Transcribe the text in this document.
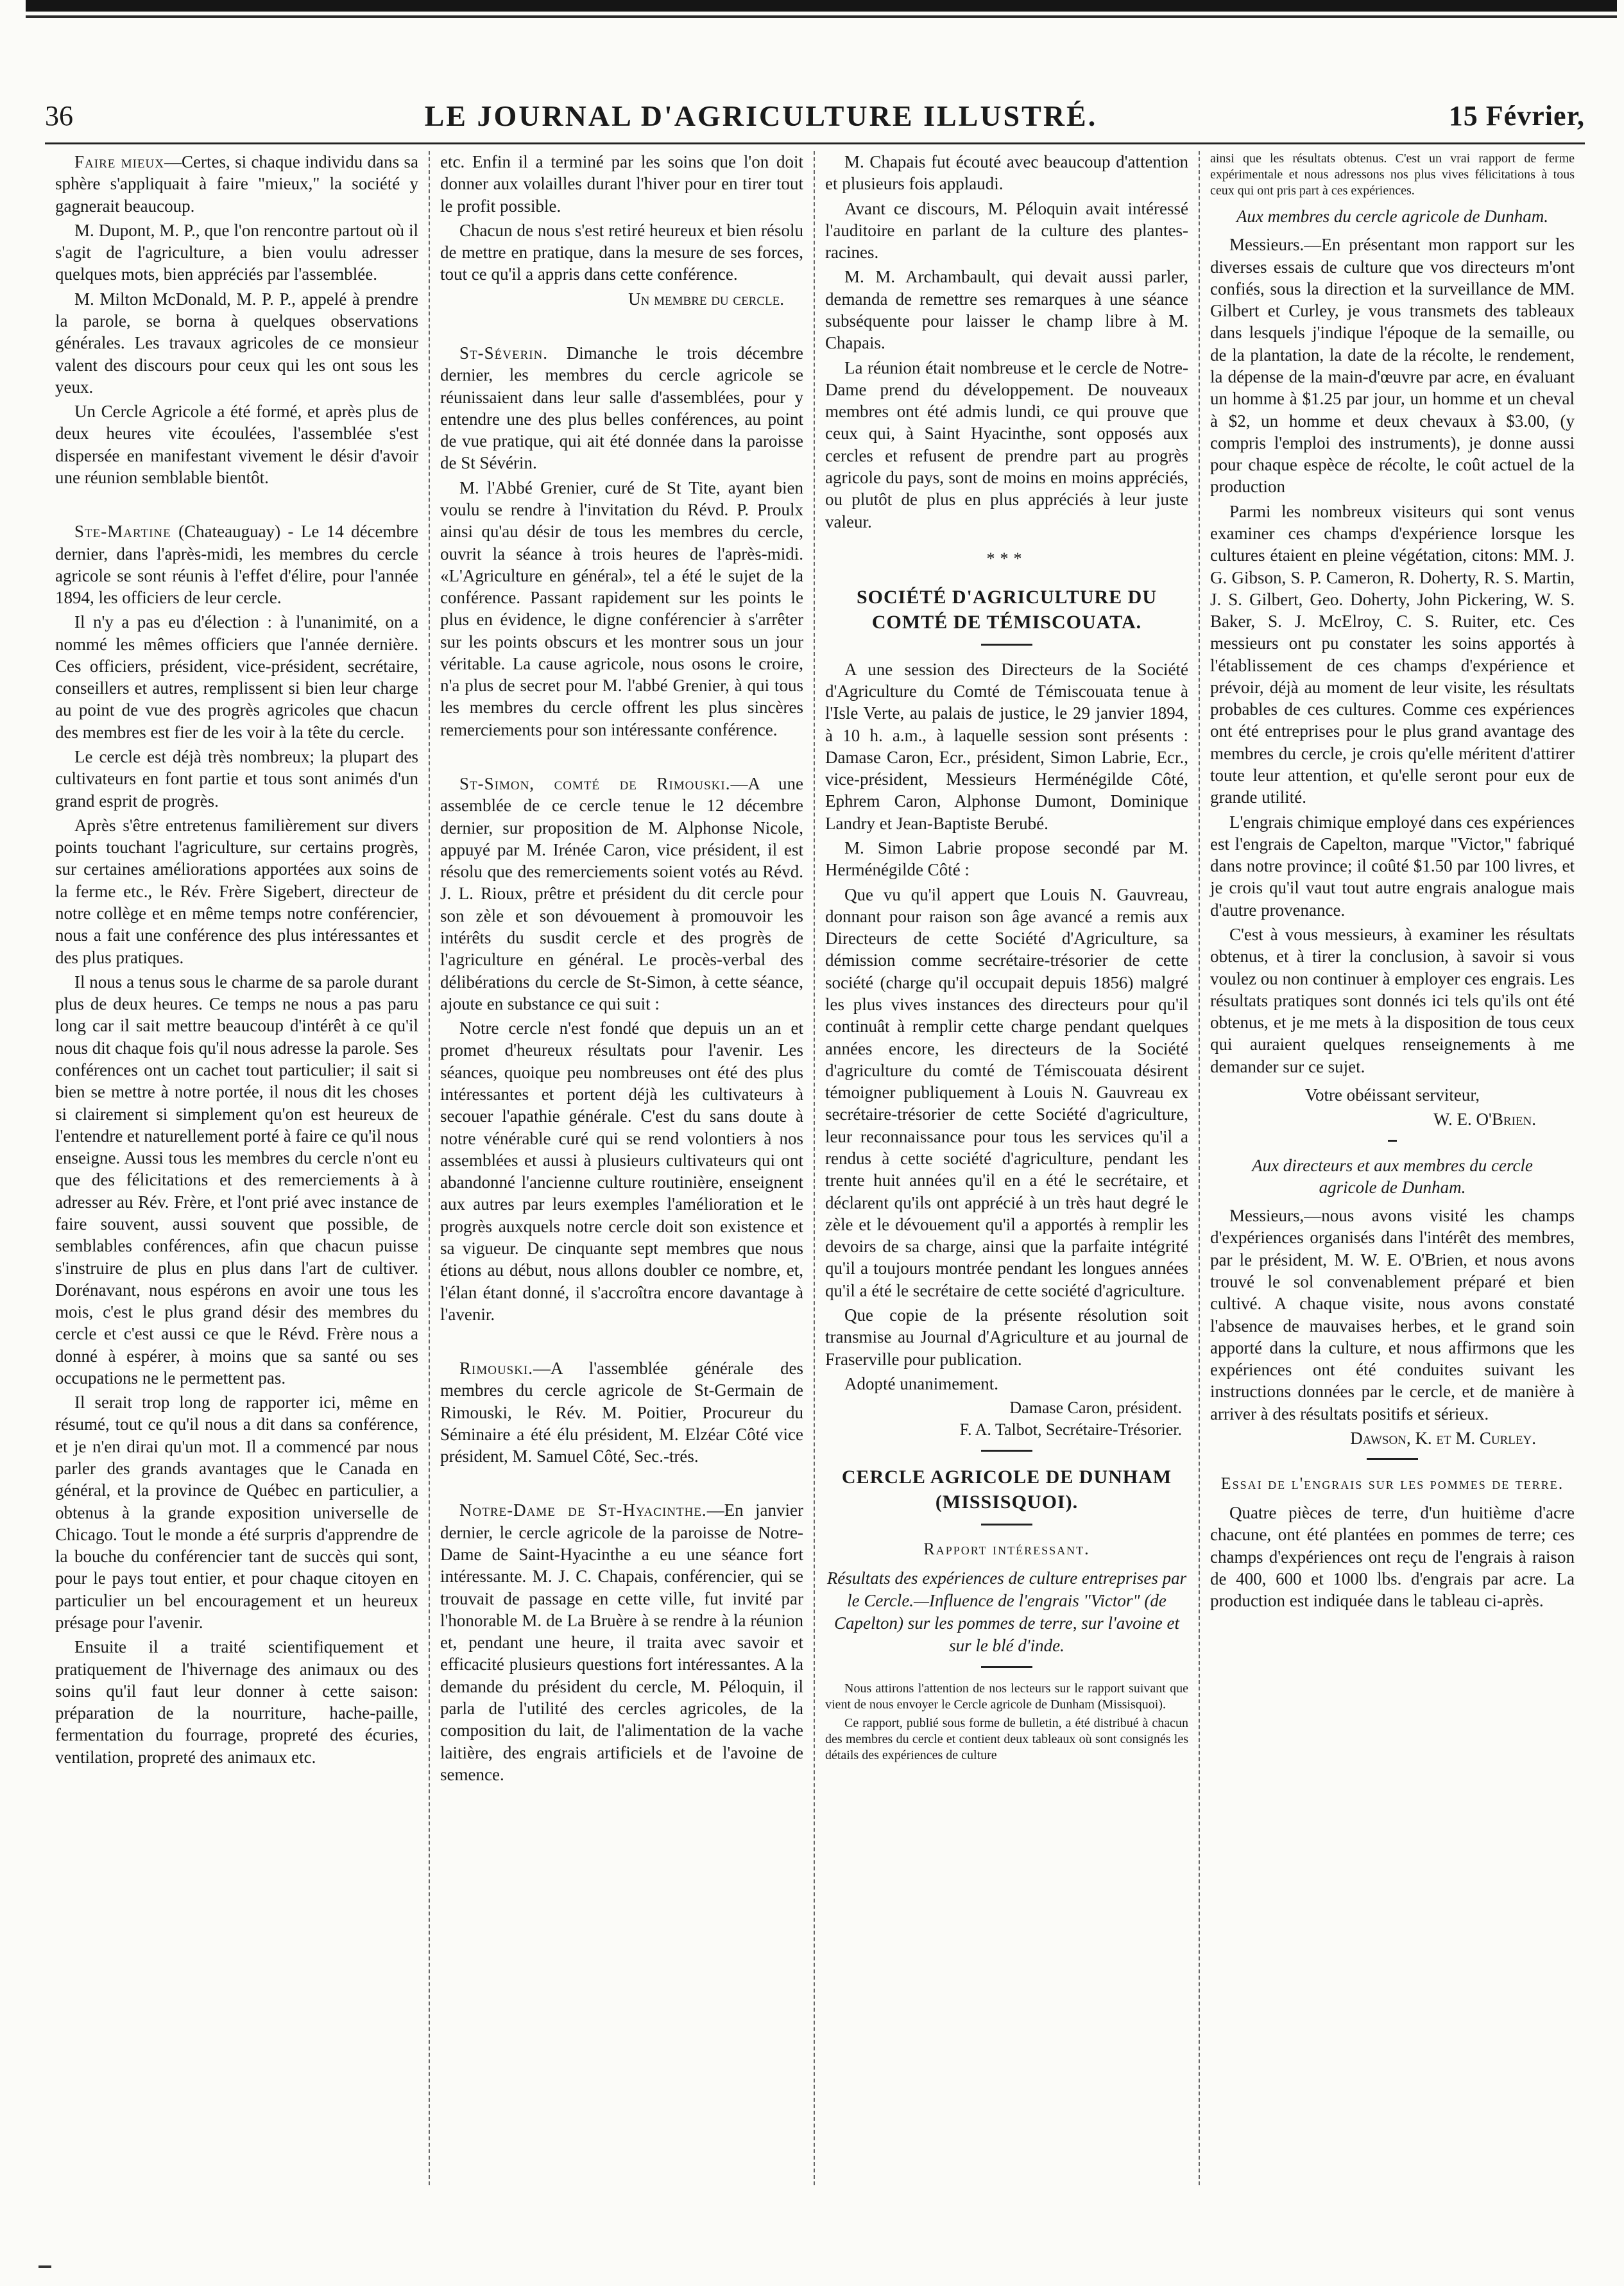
36	LE JOURNAL D'AGRICULTURE ILLUSTRÉ.	15 Février,

Faire mieux—Certes, si chaque individu dans sa sphère s'appliquait à faire "mieux," la société y gagnerait beaucoup.

M. Dupont, M. P., que l'on rencontre partout où il s'agit de l'agriculture, a bien voulu adresser quelques mots, bien appréciés par l'assemblée.

M. Milton McDonald, M. P. P., appelé à prendre la parole, se borna à quelques observations générales. Les travaux agricoles de ce monsieur valent des discours pour ceux qui les ont sous les yeux.

Un Cercle Agricole a été formé, et après plus de deux heures vite écoulées, l'assemblée s'est dispersée en manifestant vivement le désir d'avoir une réunion semblable bientôt.

Ste-Martine (Chateauguay) - Le 14 décembre dernier, dans l'après-midi, les membres du cercle agricole se sont réunis à l'effet d'élire, pour l'année 1894, les officiers de leur cercle.

Il n'y a pas eu d'élection : à l'unanimité, on a nommé les mêmes officiers que l'année dernière. Ces officiers, président, vice-président, secrétaire, conseillers et autres, remplissent si bien leur charge au point de vue des progrès agricoles que chacun des membres est fier de les voir à la tête du cercle.

Le cercle est déjà très nombreux; la plupart des cultivateurs en font partie et tous sont animés d'un grand esprit de progrès.

Après s'être entretenus familièrement sur divers points touchant l'agriculture, sur certains progrès, sur certaines améliorations apportées aux soins de la ferme etc., le Rév. Frère Sigebert, directeur de notre collège et en même temps notre conférencier, nous a fait une conférence des plus intéressantes et des plus pratiques.

Il nous a tenus sous le charme de sa parole durant plus de deux heures. Ce temps ne nous a pas paru long car il sait mettre beaucoup d'intérêt à ce qu'il nous dit chaque fois qu'il nous adresse la parole. Ses conférences ont un cachet tout particulier; il sait si bien se mettre à notre portée, il nous dit les choses si clairement si simplement qu'on est heureux de l'entendre et naturellement porté à faire ce qu'il nous enseigne. Aussi tous les membres du cercle n'ont eu que des félicitations et des remerciements à à adresser au Rév. Frère, et l'ont prié avec instance de faire souvent, aussi souvent que possible, de semblables conférences, afin que chacun puisse s'instruire de plus en plus dans l'art de cultiver. Dorénavant, nous espérons en avoir une tous les mois, c'est le plus grand désir des membres du cercle et c'est aussi ce que le Révd. Frère nous a donné à espérer, à moins que sa santé ou ses occupations ne le permettent pas.

Il serait trop long de rapporter ici, même en résumé, tout ce qu'il nous a dit dans sa conférence, et je n'en dirai qu'un mot. Il a commencé par nous parler des grands avantages que le Canada en général, et la province de Québec en particulier, a obtenus à la grande exposition universelle de Chicago. Tout le monde a été surpris d'apprendre de la bouche du conférencier tant de succès qui sont, pour le pays tout entier, et pour chaque citoyen en particulier un bel encouragement et un heureux présage pour l'avenir.

Ensuite il a traité scientifiquement et pratiquement de l'hivernage des animaux ou des soins qu'il faut leur donner à cette saison: préparation de la nourriture, hache-paille, fermentation du fourrage, propreté des écuries, ventilation, propreté des animaux etc.

etc. Enfin il a terminé par les soins que l'on doit donner aux volailles durant l'hiver pour en tirer tout le profit possible.

Chacun de nous s'est retiré heureux et bien résolu de mettre en pratique, dans la mesure de ses forces, tout ce qu'il a appris dans cette conférence.

Un membre du cercle.

St-Séverin. Dimanche le trois décembre dernier, les membres du cercle agricole se réunissaient dans leur salle d'assemblées, pour y entendre une des plus belles conférences, au point de vue pratique, qui ait été donnée dans la paroisse de St Sévérin.

M. l'Abbé Grenier, curé de St Tite, ayant bien voulu se rendre à l'invitation du Révd. P. Proulx ainsi qu'au désir de tous les membres du cercle, ouvrit la séance à trois heures de l'après-midi. «L'Agriculture en général», tel a été le sujet de la conférence. Passant rapidement sur les points le plus en évidence, le digne conférencier à s'arrêter sur les points obscurs et les montrer sous un jour véritable. La cause agricole, nous osons le croire, n'a plus de secret pour M. l'abbé Grenier, à qui tous les membres du cercle offrent les plus sincères remerciements pour son intéressante conférence.

St-Simon, comté de Rimouski.—A une assemblée de ce cercle tenue le 12 décembre dernier, sur proposition de M. Alphonse Nicole, appuyé par M. Irénée Caron, vice président, il est résolu que des remerciements soient votés au Révd. J. L. Rioux, prêtre et président du dit cercle pour son zèle et son dévouement à promouvoir les intérêts du susdit cercle et des progrès de l'agriculture en général. Le procès-verbal des délibérations du cercle de St-Simon, à cette séance, ajoute en substance ce qui suit :

Notre cercle n'est fondé que depuis un an et promet d'heureux résultats pour l'avenir. Les séances, quoique peu nombreuses ont été des plus intéressantes et portent déjà les cultivateurs à secouer l'apathie générale. C'est du sans doute à notre vénérable curé qui se rend volontiers à nos assemblées et aussi à plusieurs cultivateurs qui ont abandonné l'ancienne culture routinière, enseignent aux autres par leurs exemples l'amélioration et le progrès auxquels notre cercle doit son existence et sa vigueur. De cinquante sept membres que nous étions au début, nous allons doubler ce nombre, et, l'élan étant donné, il s'accroîtra encore davantage à l'avenir.

Rimouski.—A l'assemblée générale des membres du cercle agricole de St-Germain de Rimouski, le Rév. M. Poitier, Procureur du Séminaire a été élu président, M. Elzéar Côté vice président, M. Samuel Côté, Sec.-trés.

Notre-Dame de St-Hyacinthe.—En janvier dernier, le cercle agricole de la paroisse de Notre-Dame de Saint-Hyacinthe a eu une séance fort intéressante. M. J. C. Chapais, conférencier, qui se trouvait de passage en cette ville, fut invité par l'honorable M. de La Bruère à se rendre à la réunion et, pendant une heure, il traita avec savoir et efficacité plusieurs questions fort intéressantes. A la demande du président du cercle, M. Péloquin, il parla de l'utilité des cercles agricoles, de la composition du lait, de l'alimentation de la vache laitière, des engrais artificiels et de l'avoine de semence.

M. Chapais fut écouté avec beaucoup d'attention et plusieurs fois applaudi.

Avant ce discours, M. Péloquin avait intéressé l'auditoire en parlant de la culture des plantes-racines.

M. M. Archambault, qui devait aussi parler, demanda de remettre ses remarques à une séance subséquente pour laisser le champ libre à M. Chapais.

La réunion était nombreuse et le cercle de Notre-Dame prend du développement. De nouveaux membres ont été admis lundi, ce qui prouve que ceux qui, à Saint Hyacinthe, sont opposés aux cercles et refusent de prendre part au progrès agricole du pays, sont de moins en moins appréciés, ou plutôt de plus en plus appréciés à leur juste valeur.

***
SOCIÉTÉ D'AGRICULTURE DU COMTÉ DE TÉMISCOUATA.

A une session des Directeurs de la Société d'Agriculture du Comté de Témiscouata tenue à l'Isle Verte, au palais de justice, le 29 janvier 1894, à 10 h. a.m., à laquelle session sont présents : Damase Caron, Ecr., président, Simon Labrie, Ecr., vice-président, Messieurs Herménégilde Côté, Ephrem Caron, Alphonse Dumont, Dominique Landry et Jean-Baptiste Berubé.

M. Simon Labrie propose secondé par M. Herménégilde Côté :

Que vu qu'il appert que Louis N. Gauvreau, donnant pour raison son âge avancé a remis aux Directeurs de cette Société d'Agriculture, sa démission comme secrétaire-trésorier de cette société (charge qu'il occupait depuis 1856) malgré les plus vives instances des directeurs pour qu'il continuât à remplir cette charge pendant quelques années encore, les directeurs de la Société d'agriculture du comté de Témiscouata désirent témoigner publiquement à Louis N. Gauvreau ex secrétaire-trésorier de cette Société d'agriculture, leur reconnaissance pour tous les services qu'il a rendus à cette société d'agriculture, pendant les trente huit années qu'il en a été le secrétaire, et déclarent qu'ils ont apprécié à un très haut degré le zèle et le dévouement qu'il a apportés à remplir les devoirs de sa charge, ainsi que la parfaite intégrité qu'il a toujours montrée pendant les longues années qu'il a été le secrétaire de cette société d'agriculture.

Que copie de la présente résolution soit transmise au Journal d'Agriculture et au journal de Fraserville pour publication.

Adopté unanimement.

Damase Caron, président.
F. A. Talbot, Secrétaire-Trésorier.
CERCLE AGRICOLE DE DUNHAM (MISSISQUOI).
Rapport intéressant.
Résultats des expériences de culture entreprises par le Cercle.—Influence de l'engrais "Victor" (de Capelton) sur les pommes de terre, sur l'avoine et sur le blé d'inde.

Nous attirons l'attention de nos lecteurs sur le rapport suivant que vient de nous envoyer le Cercle agricole de Dunham (Missisquoi).

Ce rapport, publié sous forme de bulletin, a été distribué à chacun des membres du cercle et contient deux tableaux où sont consignés les détails des expériences de culture

ainsi que les résultats obtenus. C'est un vrai rapport de ferme expérimentale et nous adressons nos plus vives félicitations à tous ceux qui ont pris part à ces expériences.

Aux membres du cercle agricole de Dunham.

Messieurs.—En présentant mon rapport sur les diverses essais de culture que vos directeurs m'ont confiés, sous la direction et la surveillance de MM. Gilbert et Curley, je vous transmets des tableaux dans lesquels j'indique l'époque de la semaille, ou de la plantation, la date de la récolte, le rendement, la dépense de la main-d'œuvre par acre, en évaluant un homme à $1.25 par jour, un homme et un cheval à $2, un homme et deux chevaux à $3.00, (y compris l'emploi des instruments), je donne aussi pour chaque espèce de récolte, le coût actuel de la production

Parmi les nombreux visiteurs qui sont venus examiner ces champs d'expérience lorsque les cultures étaient en pleine végétation, citons: MM. J. G. Gibson, S. P. Cameron, R. Doherty, R. S. Martin, J. S. Gilbert, Geo. Doherty, John Pickering, W. S. Baker, S. J. McElroy, C. S. Ruiter, etc. Ces messieurs ont pu constater les soins apportés à l'établissement de ces champs d'expérience et prévoir, déjà au moment de leur visite, les résultats probables de ces cultures. Comme ces expériences ont été entreprises pour le plus grand avantage des membres du cercle, je crois qu'elle méritent d'attirer toute leur attention, et qu'elle seront pour eux de grande utilité.

L'engrais chimique employé dans ces expériences est l'engrais de Capelton, marque "Victor," fabriqué dans notre province; il coûté $1.50 par 100 livres, et je crois qu'il vaut tout autre engrais analogue mais d'autre provenance.

C'est à vous messieurs, à examiner les résultats obtenus, et à tirer la conclusion, à savoir si vous voulez ou non continuer à employer ces engrais. Les résultats pratiques sont donnés ici tels qu'ils ont été obtenus, et je me mets à la disposition de tous ceux qui auraient quelques renseignements à me demander sur ce sujet.

Votre obéissant serviteur,
W. E. O'Brien.
Aux directeurs et aux membres du cercle agricole de Dunham.

Messieurs,—nous avons visité les champs d'expériences organisés dans l'intérêt des membres, par le président, M. W. E. O'Brien, et nous avons trouvé le sol convenablement préparé et bien cultivé. A chaque visite, nous avons constaté l'absence de mauvaises herbes, et le grand soin apporté dans la culture, et nous affirmons que les expériences ont été conduites suivant les instructions données par le cercle, et de manière à arriver à des résultats positifs et sérieux.

Dawson, K. et M. Curley.
Essai de l'engrais sur les pommes de terre.

Quatre pièces de terre, d'un huitième d'acre chacune, ont été plantées en pommes de terre; ces champs d'expériences ont reçu de l'engrais à raison de 400, 600 et 1000 lbs. d'engrais par acre. La production est indiquée dans le tableau ci-après.
